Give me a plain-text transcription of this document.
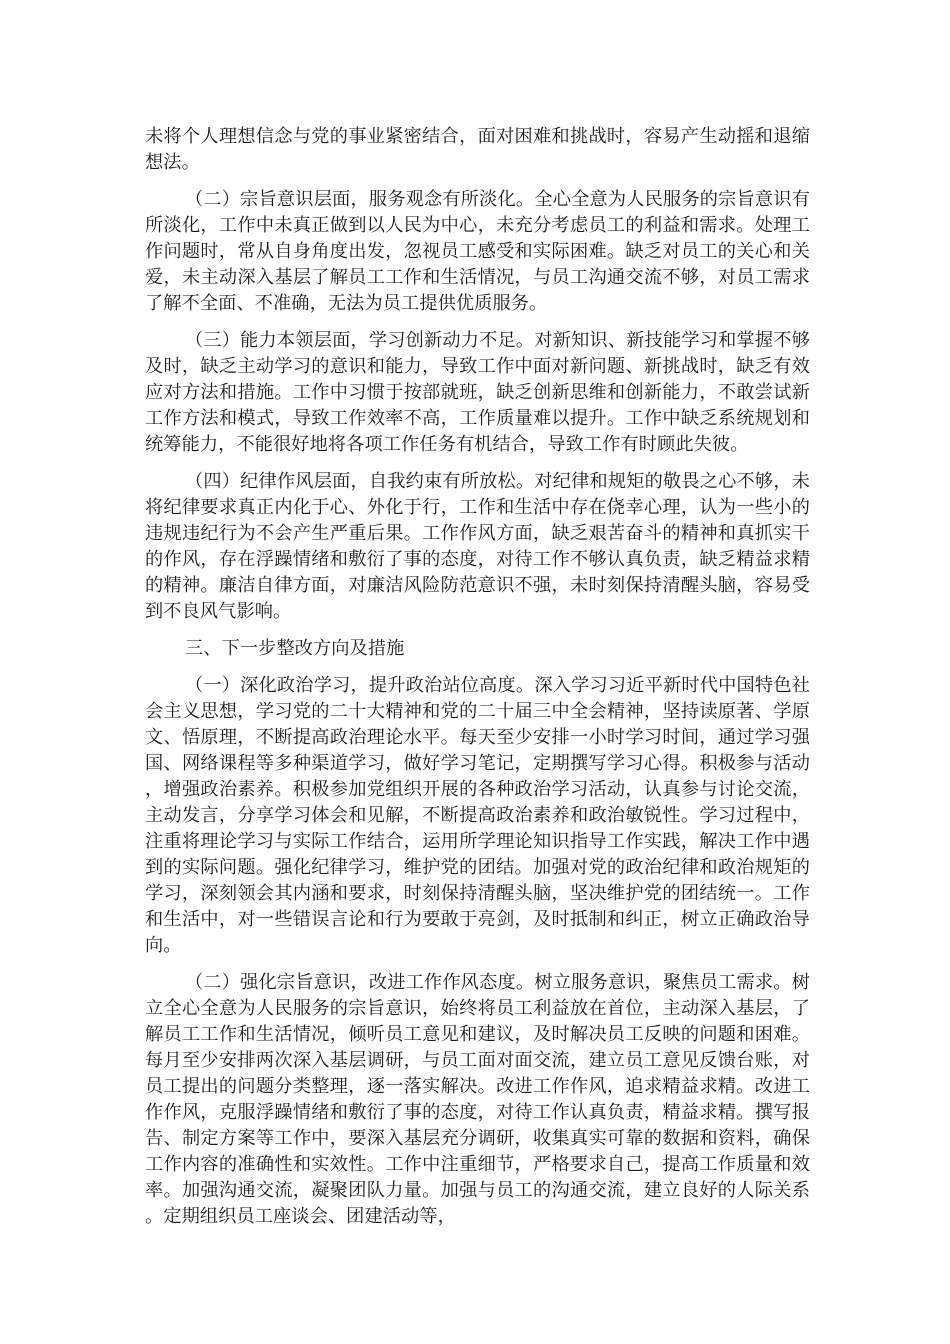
未将个人理想信念与党的事业紧密结合，面对困难和挑战时，容易产生动摇和退缩想法。

（二）宗旨意识层面，服务观念有所淡化。全心全意为人民服务的宗旨意识有所淡化，工作中未真正做到以人民为中心，未充分考虑员工的利益和需求。处理工作问题时，常从自身角度出发，忽视员工感受和实际困难。缺乏对员工的关心和关爱，未主动深入基层了解员工工作和生活情况，与员工沟通交流不够，对员工需求了解不全面、不准确，无法为员工提供优质服务。

（三）能力本领层面，学习创新动力不足。对新知识、新技能学习和掌握不够及时，缺乏主动学习的意识和能力，导致工作中面对新问题、新挑战时，缺乏有效应对方法和措施。工作中习惯于按部就班，缺乏创新思维和创新能力，不敢尝试新工作方法和模式，导致工作效率不高，工作质量难以提升。工作中缺乏系统规划和统筹能力，不能很好地将各项工作任务有机结合，导致工作有时顾此失彼。

（四）纪律作风层面，自我约束有所放松。对纪律和规矩的敬畏之心不够，未将纪律要求真正内化于心、外化于行，工作和生活中存在侥幸心理，认为一些小的违规违纪行为不会产生严重后果。工作作风方面，缺乏艰苦奋斗的精神和真抓实干的作风，存在浮躁情绪和敷衍了事的态度，对待工作不够认真负责，缺乏精益求精的精神。廉洁自律方面，对廉洁风险防范意识不强，未时刻保持清醒头脑，容易受到不良风气影响。

三、下一步整改方向及措施

（一）深化政治学习，提升政治站位高度。深入学习习近平新时代中国特色社会主义思想，学习党的二十大精神和党的二十届三中全会精神，坚持读原著、学原文、悟原理，不断提高政治理论水平。每天至少安排一小时学习时间，通过学习强国、网络课程等多种渠道学习，做好学习笔记，定期撰写学习心得。积极参与活动，增强政治素养。积极参加党组织开展的各种政治学习活动，认真参与讨论交流，主动发言，分享学习体会和见解，不断提高政治素养和政治敏锐性。学习过程中，注重将理论学习与实际工作结合，运用所学理论知识指导工作实践，解决工作中遇到的实际问题。强化纪律学习，维护党的团结。加强对党的政治纪律和政治规矩的学习，深刻领会其内涵和要求，时刻保持清醒头脑，坚决维护党的团结统一。工作和生活中，对一些错误言论和行为要敢于亮剑，及时抵制和纠正，树立正确政治导向。

（二）强化宗旨意识，改进工作作风态度。树立服务意识，聚焦员工需求。树立全心全意为人民服务的宗旨意识，始终将员工利益放在首位，主动深入基层，了解员工工作和生活情况，倾听员工意见和建议，及时解决员工反映的问题和困难。每月至少安排两次深入基层调研，与员工面对面交流，建立员工意见反馈台账，对员工提出的问题分类整理，逐一落实解决。改进工作作风，追求精益求精。改进工作作风，克服浮躁情绪和敷衍了事的态度，对待工作认真负责，精益求精。撰写报告、制定方案等工作中，要深入基层充分调研，收集真实可靠的数据和资料，确保工作内容的准确性和实效性。工作中注重细节，严格要求自己，提高工作质量和效率。加强沟通交流，凝聚团队力量。加强与员工的沟通交流，建立良好的人际关系。定期组织员工座谈会、团建活动等，
